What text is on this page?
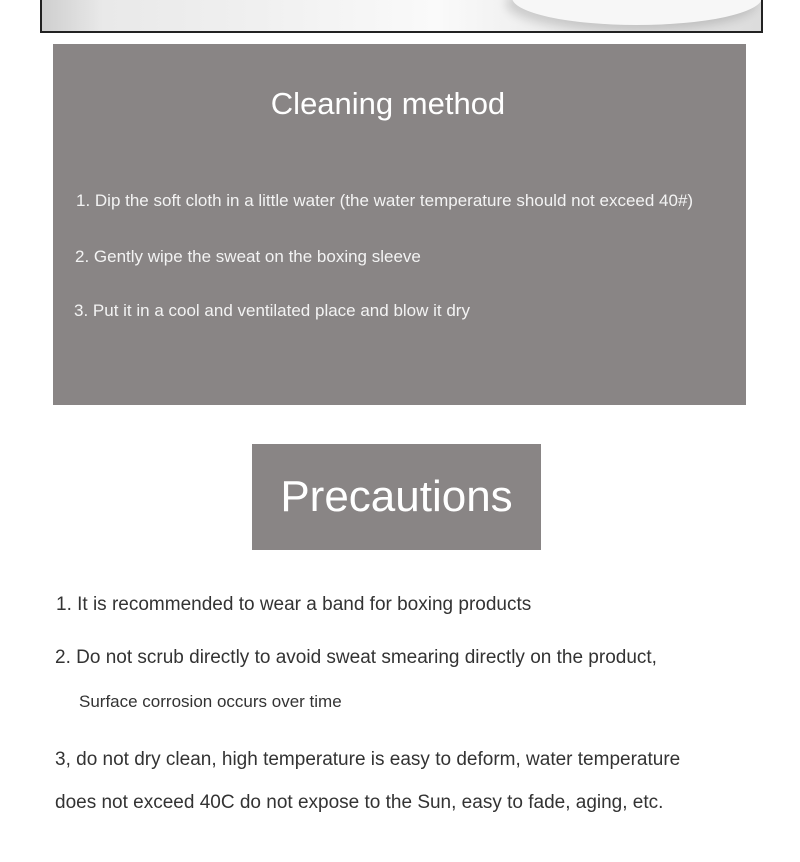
Cleaning method
1. Dip the soft cloth in a little water (the water temperature should not exceed 40#)
2. Gently wipe the sweat on the boxing sleeve
3. Put it in a cool and ventilated place and blow it dry
Precautions
1. It is recommended to wear a band for boxing products
2. Do not scrub directly to avoid sweat smearing directly on the product,
Surface corrosion occurs over time
3, do not dry clean, high temperature is easy to deform, water temperature
does not exceed 40C do not expose to the Sun, easy to fade, aging, etc.
